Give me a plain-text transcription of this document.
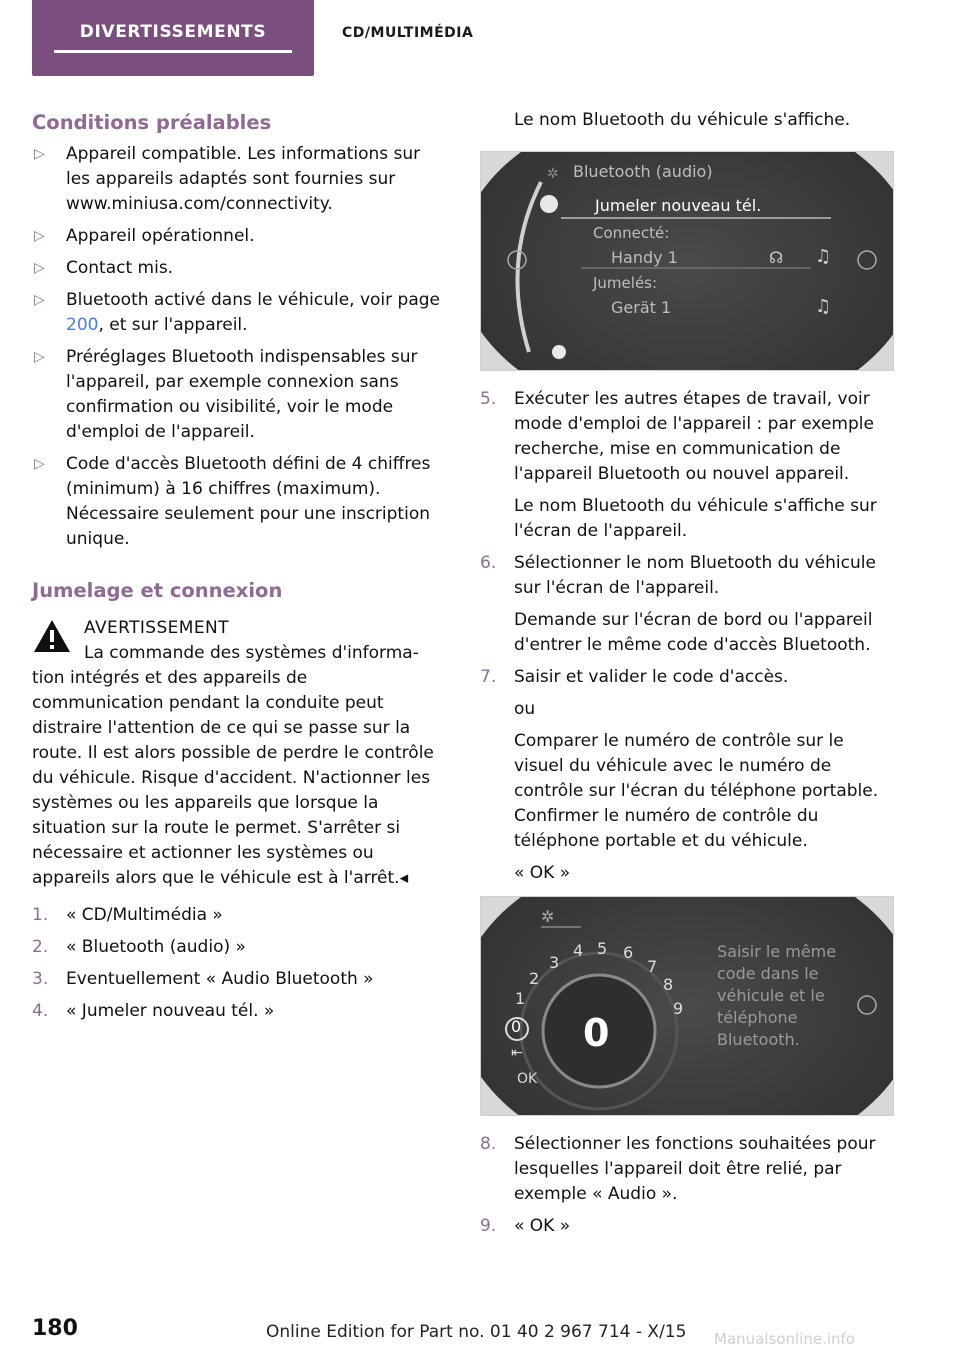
DIVERTISSEMENTS	CD/MULTIMÉDIA
Conditions préalables
▷ Appareil compatible. Les informations sur les appareils adaptés sont fournies sur www.miniusa.com/connectivity.
▷ Appareil opérationnel.
▷ Contact mis.
▷ Bluetooth activé dans le véhicule, voir page 200, et sur l'appareil.
▷ Préréglages Bluetooth indispensables sur l'appareil, par exemple connexion sans confirmation ou visibilité, voir le mode d'emploi de l'appareil.
▷ Code d'accès Bluetooth défini de 4 chiffres (minimum) à 16 chiffres (maximum). Nécessaire seulement pour une inscription unique.
Jumelage et connexion
AVERTISSEMENT
La commande des systèmes d'informa-
tion intégrés et des appareils de communication pendant la conduite peut distraire l'attention de ce qui se passe sur la route. Il est alors possible de perdre le contrôle du véhicule. Risque d'accident. N'actionner les systèmes ou les appareils que lorsque la situation sur la route le permet. S'arrêter si nécessaire et actionner les systèmes ou appareils alors que le véhicule est à l'arrêt.◂
1. « CD/Multimédia »
2. « Bluetooth (audio) »
3. Eventuellement « Audio Bluetooth »
4. « Jumeler nouveau tél. »
Le nom Bluetooth du véhicule s'affiche.
✲ Bluetooth (audio)
Jumeler nouveau tél.
Connecté:
Handy 1
Jumelés:
Gerät 1
☊ ♫
♫
5. Exécuter les autres étapes de travail, voir mode d'emploi de l'appareil : par exemple recherche, mise en communication de l'appareil Bluetooth ou nouvel appareil.
Le nom Bluetooth du véhicule s'affiche sur l'écran de l'appareil.
6. Sélectionner le nom Bluetooth du véhicule sur l'écran de l'appareil.
Demande sur l'écran de bord ou l'appareil d'entrer le même code d'accès Bluetooth.
7. Saisir et valider le code d'accès.
ou
Comparer le numéro de contrôle sur le visuel du véhicule avec le numéro de contrôle sur l'écran du téléphone portable. Confirmer le numéro de contrôle du téléphone portable et du véhicule.
« OK »
✲
0
1
2
3
4 5 6
7
8
9
0
⇤
OK
Saisir le même
code dans le
véhicule et le
téléphone
Bluetooth.
8. Sélectionner les fonctions souhaitées pour lesquelles l'appareil doit être relié, par exemple « Audio ».
9. « OK »
180	Online Edition for Part no. 01 40 2 967 714 - X/15 Manualsonline.info
